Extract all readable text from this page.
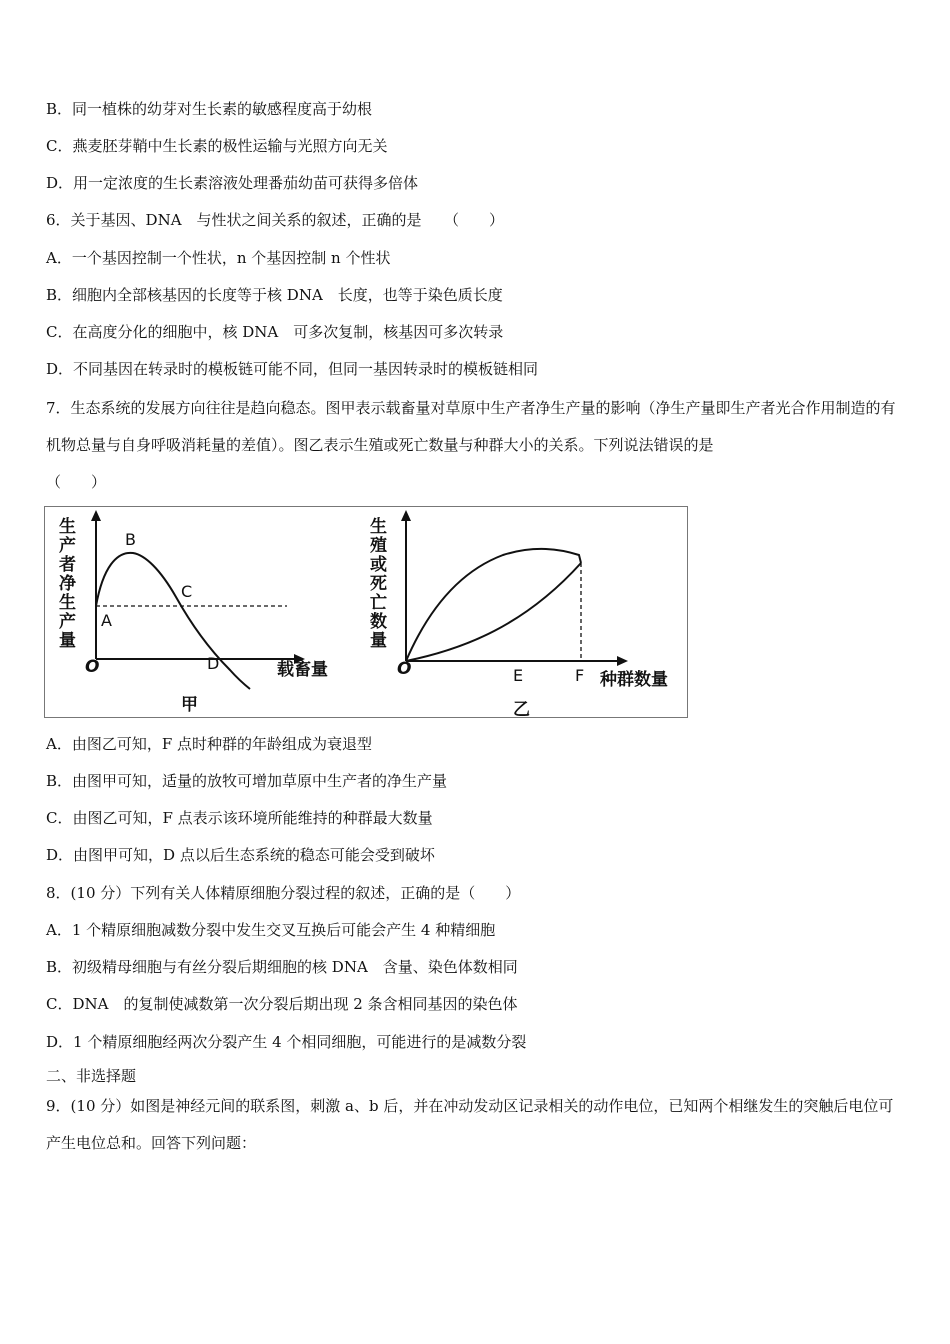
B．同一植株的幼芽对生长素的敏感程度高于幼根
C．燕麦胚芽鞘中生长素的极性运输与光照方向无关
D．用一定浓度的生长素溶液处理番茄幼苗可获得多倍体
6．关于基因、DNA　与性状之间关系的叙述，正确的是　　（　　）
A．一个基因控制一个性状，n 个基因控制 n 个性状
B．细胞内全部核基因的长度等于核 DNA　长度，也等于染色质长度
C．在高度分化的细胞中，核 DNA　可多次复制，核基因可多次转录
D．不同基因在转录时的模板链可能不同，但同一基因转录时的模板链相同
7．生态系统的发展方向往往是趋向稳态。图甲表示载畜量对草原中生产者净生产量的影响（净生产量即生产者光合作用制造的有机物总量与自身呼吸消耗量的差值）。图乙表示生殖或死亡数量与种群大小的关系。下列说法错误的是
（　　）
生
产
者
净
生
产
量
A
B
C
D
O	载畜量
甲
生
殖
或
死
亡
数
量
O	E	F 种群数量
乙
A．由图乙可知，F 点时种群的年龄组成为衰退型
B．由图甲可知，适量的放牧可增加草原中生产者的净生产量
C．由图乙可知，F 点表示该环境所能维持的种群最大数量
D．由图甲可知，D 点以后生态系统的稳态可能会受到破坏
8．(10 分）下列有关人体精原细胞分裂过程的叙述，正确的是（　　）
A．1 个精原细胞减数分裂中发生交叉互换后可能会产生 4 种精细胞
B．初级精母细胞与有丝分裂后期细胞的核 DNA　含量、染色体数相同
C．DNA　的复制使减数第一次分裂后期出现 2 条含相同基因的染色体
D．1 个精原细胞经两次分裂产生 4 个相同细胞，可能进行的是减数分裂
二、非选择题
9．(10 分）如图是神经元间的联系图，刺激 a、b 后，并在冲动发动区记录相关的动作电位，已知两个相继发生的突触后电位可产生电位总和。回答下列问题：
